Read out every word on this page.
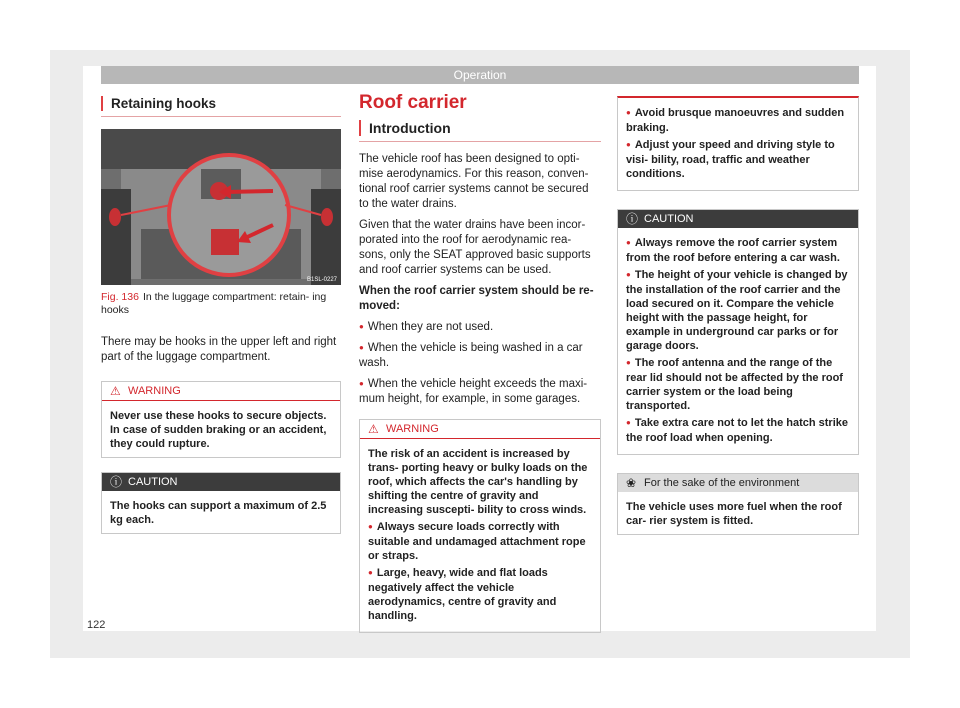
Operation
Retaining hooks
B1SL-0227
Fig. 136 In the luggage compartment: retain- ing hooks

There may be hooks in the upper left and right part of the luggage compartment.

⚠ WARNING
Never use these hooks to secure objects. In case of sudden braking or an accident, they could rupture.
ⓘ CAUTION
The hooks can support a maximum of 2.5 kg each.
Roof carrier
Introduction

The vehicle roof has been designed to opti- mise aerodynamics. For this reason, conven- tional roof carrier systems cannot be secured to the water drains.

Given that the water drains have been incor- porated into the roof for aerodynamic rea- sons, only the SEAT approved basic supports and roof carrier systems can be used.

When the roof carrier system should be re- moved:

● When they are not used.

● When the vehicle is being washed in a car wash.

● When the vehicle height exceeds the maxi- mum height, for example, in some garages.

⚠ WARNING
The risk of an accident is increased by trans- porting heavy or bulky loads on the roof, which affects the car's handling by shifting the centre of gravity and increasing suscepti- bility to cross winds.
● Always secure loads correctly with suitable and undamaged attachment rope or straps.
● Large, heavy, wide and flat loads negatively affect the vehicle aerodynamics, centre of gravity and handling.
● Avoid brusque manoeuvres and sudden braking.
● Adjust your speed and driving style to visi- bility, road, traffic and weather conditions.
ⓘ CAUTION
● Always remove the roof carrier system from the roof before entering a car wash.
● The height of your vehicle is changed by the installation of the roof carrier and the load secured on it. Compare the vehicle height with the passage height, for example in underground car parks or for garage doors.
● The roof antenna and the range of the rear lid should not be affected by the roof carrier system or the load being transported.
● Take extra care not to let the hatch strike the roof load when opening.
❀ For the sake of the environment
The vehicle uses more fuel when the roof car- rier system is fitted.
122
